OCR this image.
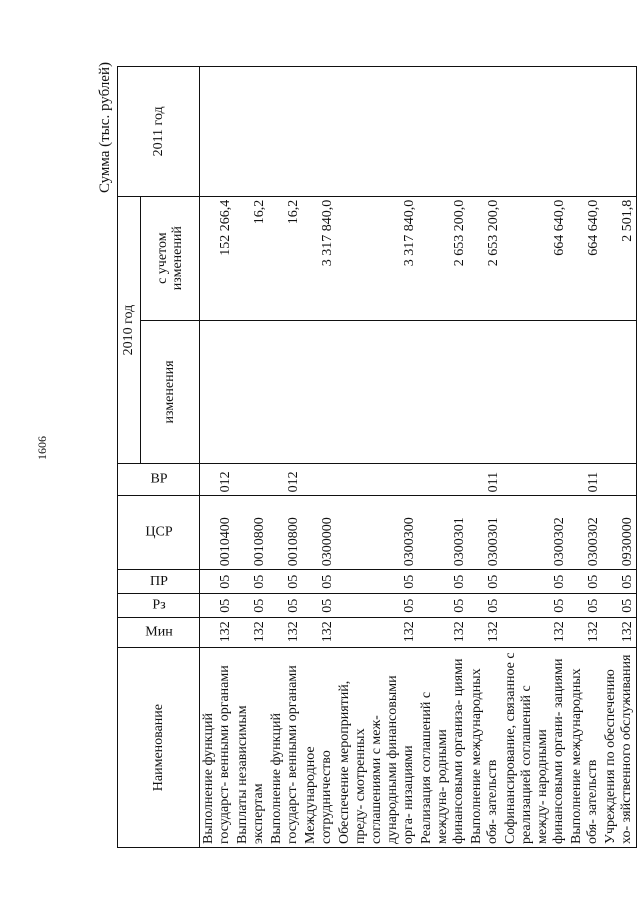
1606
Сумма (тыс. рублей)
Наименование	Мин	Рз	ПР	ЦСР	ВР	2010 год		2011 год
						изменения	с учетом изменений	
Выполнение функций государст- венными органами	132	05	05	0010400	012		152 266,4	
Выплаты независимым экспертам	132	05	05	0010800			16,2	
Выполнение функций государст- венными органами	132	05	05	0010800	012		16,2	
Международное сотрудничество	132	05	05	0300000			3 317 840,0	
Обеспечение мероприятий, преду- смотренных соглашениями с меж- дународными финансовыми орга- низациями	132	05	05	0300300			3 317 840,0	
Реализация соглашений с междуна- родными финансовыми организа- циями	132	05	05	0300301			2 653 200,0	
Выполнение международных обя- зательств	132	05	05	0300301	011		2 653 200,0	
Софинансирование, связанное с реализацией соглашений с между- народными финансовыми органи- зациями	132	05	05	0300302			664 640,0	
Выполнение международных обя- зательств	132	05	05	0300302	011		664 640,0	
Учреждения по обеспечению хо- зяйственного обслуживания	132	05	05	0930000			2 501,8	
